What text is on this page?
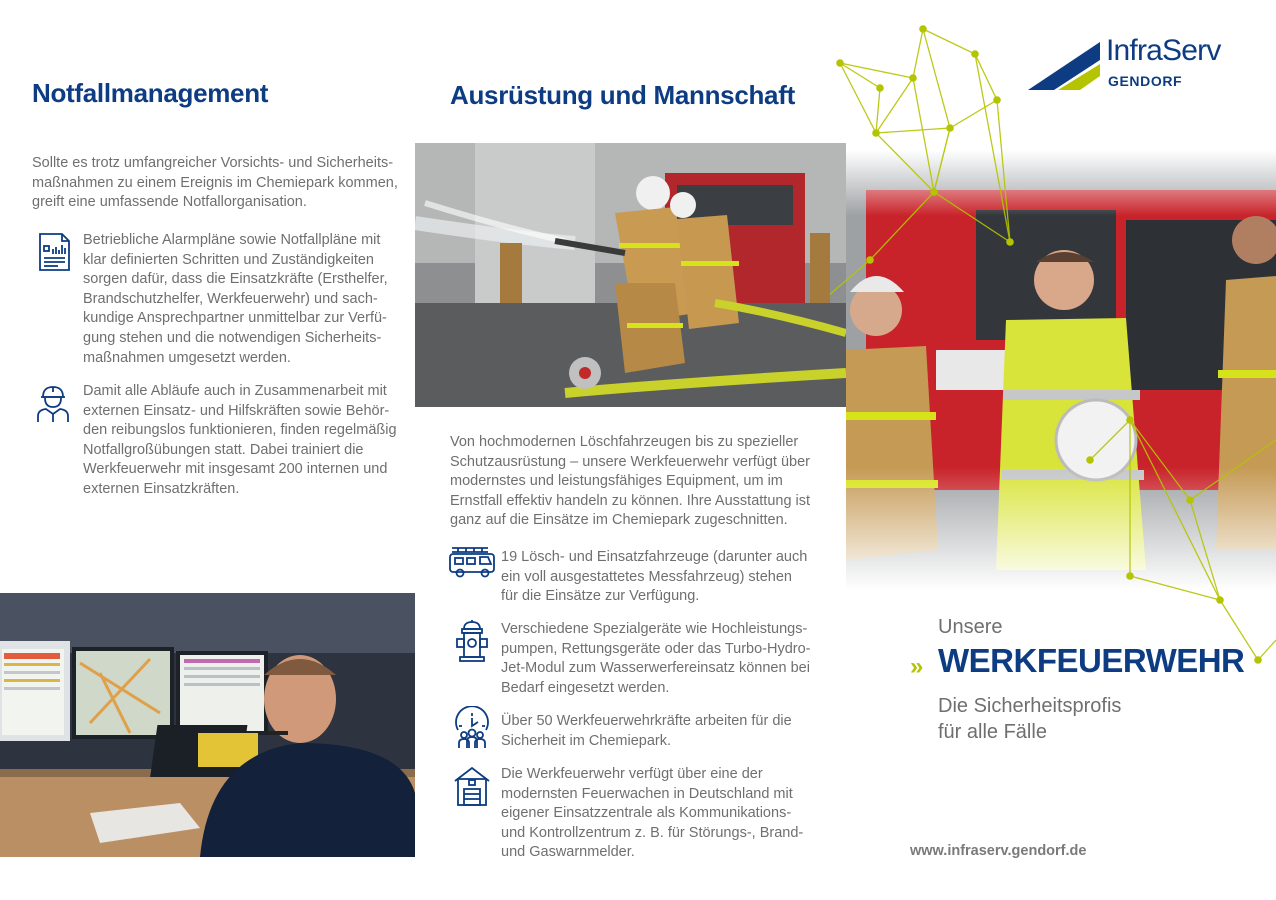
Notfallmanagement

Sollte es trotz umfangreicher Vorsichts- und Sicherheits-
maßnahmen zu einem Ereignis im Chemiepark kommen,
greift eine umfassende Notfallorganisation.

Betriebliche Alarmpläne sowie Notfallpläne mit
klar definierten Schritten und Zuständigkeiten
sorgen dafür, dass die Einsatzkräfte (Ersthelfer,
Brandschutzhelfer, Werkfeuerwehr) und sach-
kundige Ansprechpartner unmittelbar zur Verfü-
gung stehen und die notwendigen Sicherheits-
maßnahmen umgesetzt werden.

Damit alle Abläufe auch in Zusammenarbeit mit
externen Einsatz- und Hilfskräften sowie Behör-
den reibungslos funktionieren, finden regelmäßig
Notfallgroßübungen statt. Dabei trainiert die
Werkfeuerwehr mit insgesamt 200 internen und
externen Einsatzkräften.

Ausrüstung und Mannschaft

Von hochmodernen Löschfahrzeugen bis zu spezieller
Schutzausrüstung – unsere Werkfeuerwehr verfügt über
modernstes und leistungsfähiges Equipment, um im
Ernstfall effektiv handeln zu können. Ihre Ausstattung ist
ganz auf die Einsätze im Chemiepark zugeschnitten.

19 Lösch- und Einsatzfahrzeuge (darunter auch
ein voll ausgestattetes Messfahrzeug) stehen
für die Einsätze zur Verfügung.

Verschiedene Spezialgeräte wie Hochleistungs-
pumpen, Rettungsgeräte oder das Turbo-Hydro-
Jet-Modul zum Wasserwerfereinsatz können bei
Bedarf eingesetzt werden.

Über 50 Werkfeuerwehrkräfte arbeiten für die
Sicherheit im Chemiepark.

Die Werkfeuerwehr verfügt über eine der
modernsten Feuerwachen in Deutschland mit
eigener Einsatzzentrale als Kommunikations-
und Kontrollzentrum z. B. für Störungs-, Brand-
und Gaswarnmelder.

InfraServ
GENDORF
Unsere
» WERKFEUERWEHR
Die Sicherheitsprofis
für alle Fälle
www.infraserv.gendorf.de
